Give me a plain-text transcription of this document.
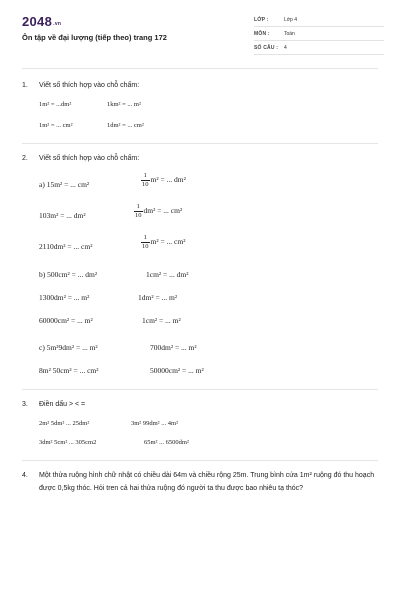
2048.vn
Ôn tập về đại lượng (tiếp theo) trang 172
LỚP :	Lớp 4
MÔN :	Toán
SỐ CÂU : 4
1. Viết số thích hợp vào chỗ chấm:
1m² = ...dm²	1km² = ... m²
1m² = ... cm²	1dm² = ... cm²
2. Viết số thích hợp vào chỗ chấm:
a) 15m² = ... cm²	$\frac{1}{10} m^2$ = ... dm²
103m² = ... dm²	$\frac{1}{10} dm^2$ = ... cm²
2110dm² = ... cm²	$\frac{1}{10} m^2$ = ... cm²
b) 500cm² = ... dm²	1cm² = ... dm²
1300dm² = ... m²	1dm² = ... m²
60000cm² = ... m²	1cm² = ... m²
c) 5m²9dm² = ... m²	700dm² = ... m²
8m² 50cm² = ... cm²	50000cm² = ... m²
3. Điền dấu > < =
2m² 5dm² ... 25dm²	3m² 99dm² ... 4m²
3dm² 5cm² ... 305cm2	65m² ... 6500dm²
4. Một thửa ruộng hình chữ nhật có chiều dài 64m và chiều rộng 25m. Trung bình cứa 1m² ruộng đó thu hoạch được 0,5kg thóc. Hỏi tren cả hai thửa ruộng đó người ta thu được bao nhiêu tạ thóc?
